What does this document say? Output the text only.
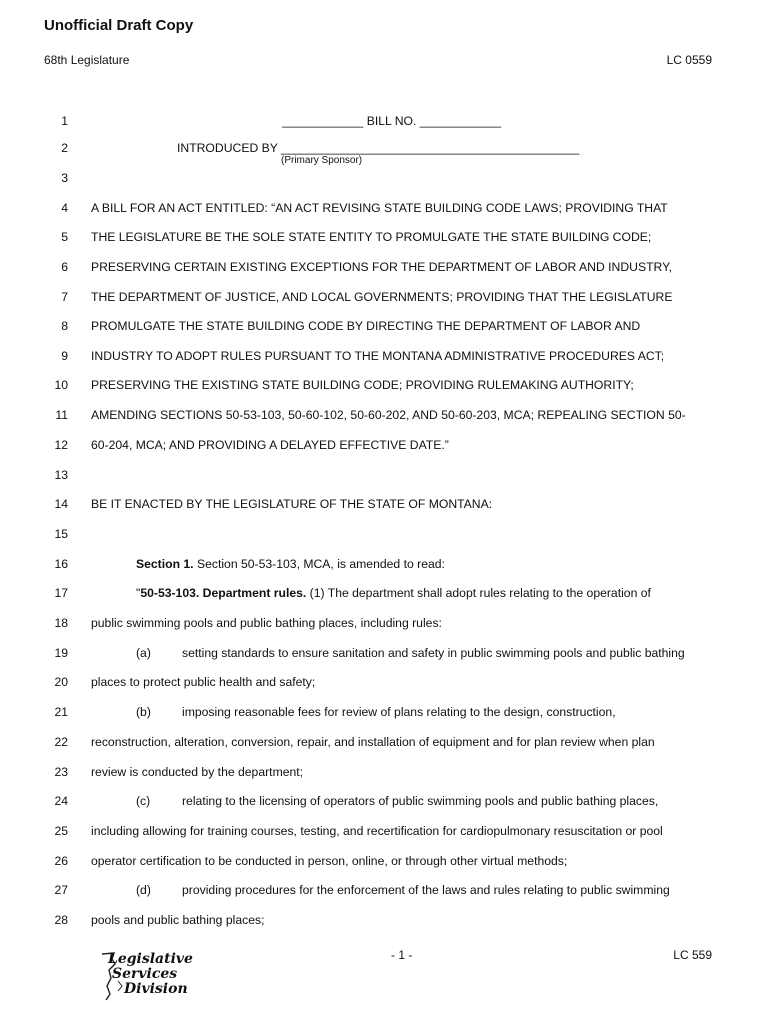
Unofficial Draft Copy
68th Legislature	LC 0559
1	____________ BILL NO. ____________
2	INTRODUCED BY ____________________________________________
(Primary Sponsor)
3
4 A BILL FOR AN ACT ENTITLED: “AN ACT REVISING STATE BUILDING CODE LAWS; PROVIDING THAT
5 THE LEGISLATURE BE THE SOLE STATE ENTITY TO PROMULGATE THE STATE BUILDING CODE;
6 PRESERVING CERTAIN EXISTING EXCEPTIONS FOR THE DEPARTMENT OF LABOR AND INDUSTRY,
7 THE DEPARTMENT OF JUSTICE, AND LOCAL GOVERNMENTS; PROVIDING THAT THE LEGISLATURE
8 PROMULGATE THE STATE BUILDING CODE BY DIRECTING THE DEPARTMENT OF LABOR AND
9 INDUSTRY TO ADOPT RULES PURSUANT TO THE MONTANA ADMINISTRATIVE PROCEDURES ACT;
10 PRESERVING THE EXISTING STATE BUILDING CODE; PROVIDING RULEMAKING AUTHORITY;
11 AMENDING SECTIONS 50-53-103, 50-60-102, 50-60-202, AND 50-60-203, MCA; REPEALING SECTION 50-
12 60-204, MCA; AND PROVIDING A DELAYED EFFECTIVE DATE.”
13
14 BE IT ENACTED BY THE LEGISLATURE OF THE STATE OF MONTANA:
15
16	Section 1. Section 50-53-103, MCA, is amended to read:
17	"50-53-103. Department rules. (1) The department shall adopt rules relating to the operation of
18 public swimming pools and public bathing places, including rules:
19	(a)	setting standards to ensure sanitation and safety in public swimming pools and public bathing
20 places to protect public health and safety;
21	(b)	imposing reasonable fees for review of plans relating to the design, construction,
22 reconstruction, alteration, conversion, repair, and installation of equipment and for plan review when plan
23 review is conducted by the department;
24	(c)	relating to the licensing of operators of public swimming pools and public bathing places,
25 including allowing for training courses, testing, and recertification for cardiopulmonary resuscitation or pool
26 operator certification to be conducted in person, online, or through other virtual methods;
27	(d)	providing procedures for the enforcement of the laws and rules relating to public swimming
28 pools and public bathing places;
Legislative
Services
Division
- 1 -	LC 559
